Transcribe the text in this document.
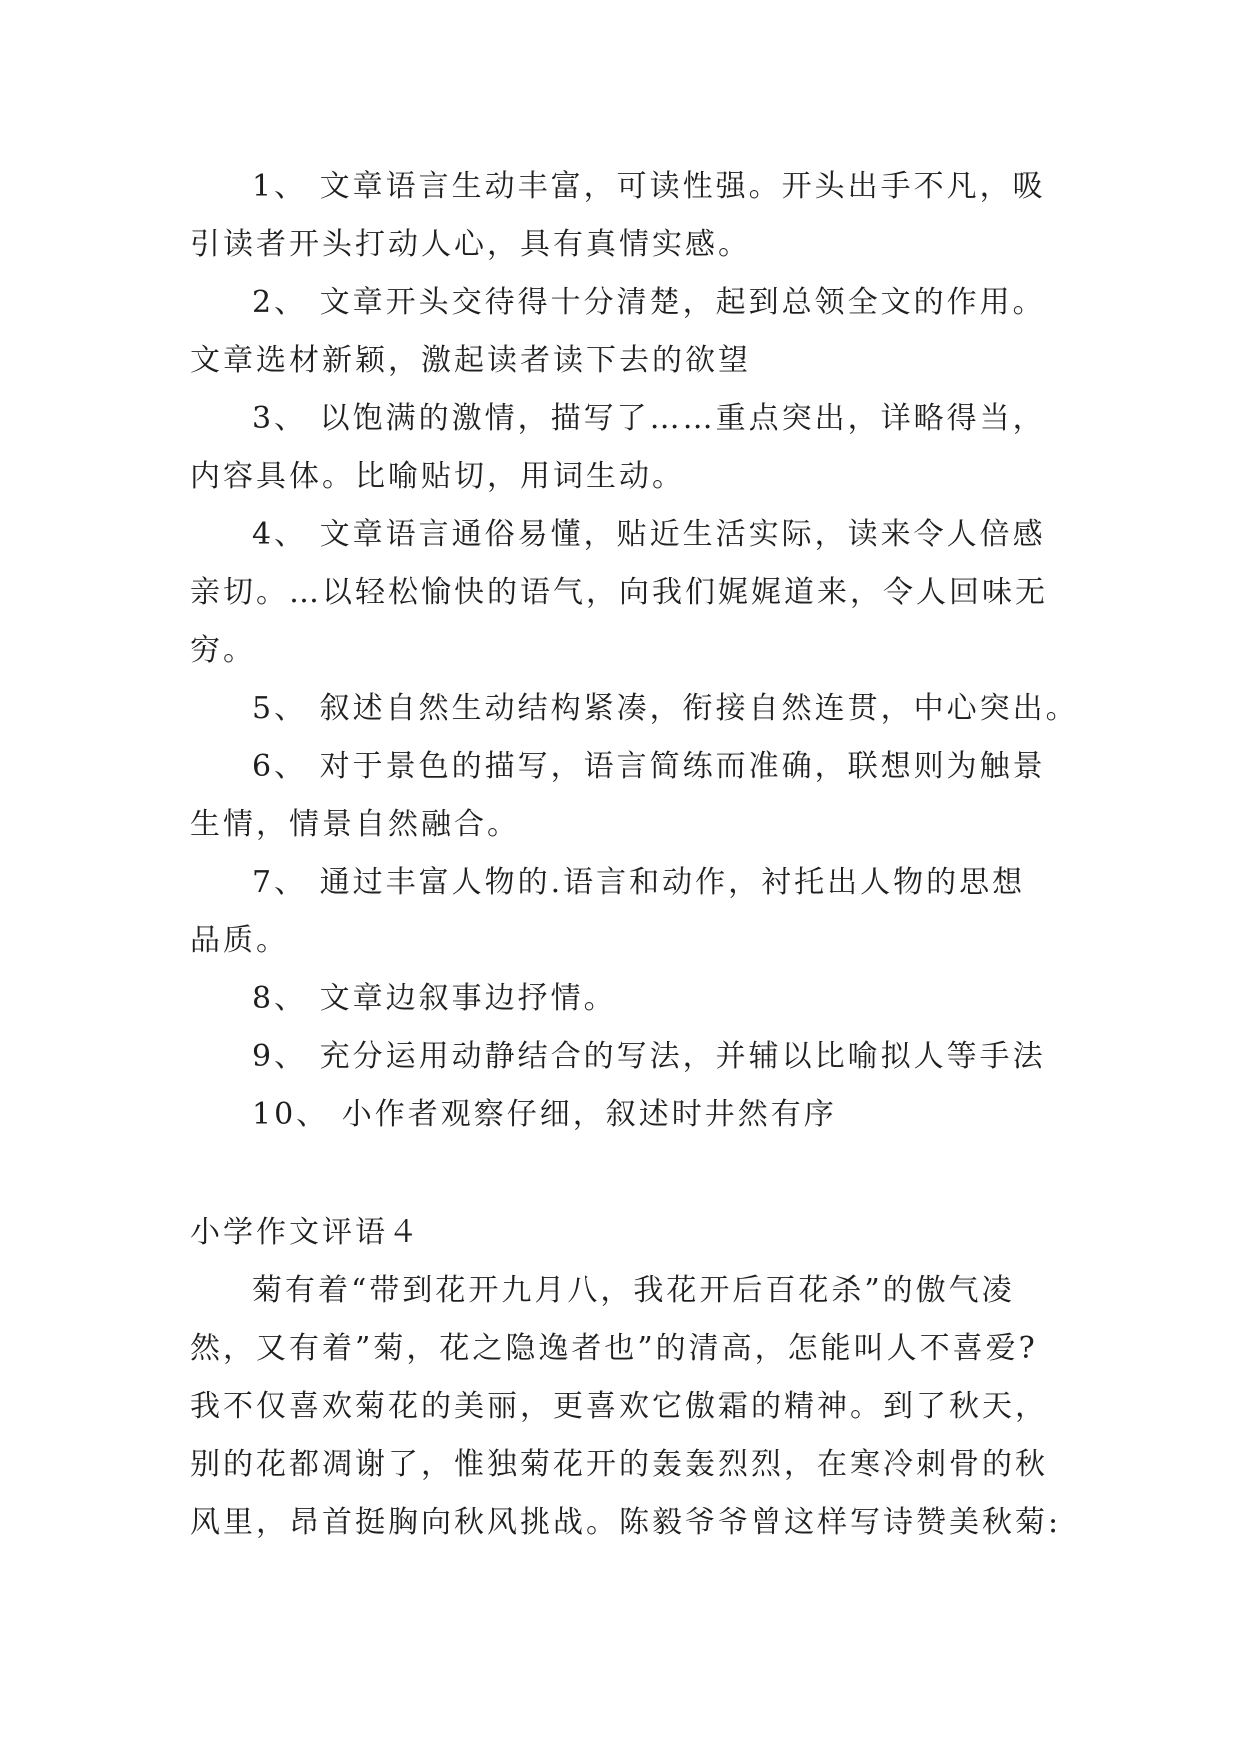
1、 文章语言生动丰富，可读性强。开头出手不凡，吸
引读者开头打动人心，具有真情实感。
2、 文章开头交待得十分清楚，起到总领全文的作用。
文章选材新颖，激起读者读下去的欲望
3、 以饱满的激情，描写了……重点突出，详略得当，
内容具体。比喻贴切，用词生动。
4、 文章语言通俗易懂，贴近生活实际，读来令人倍感
亲切。…以轻松愉快的语气，向我们娓娓道来，令人回味无
穷。
5、 叙述自然生动结构紧凑，衔接自然连贯，中心突出。
6、 对于景色的描写，语言简练而准确，联想则为触景
生情，情景自然融合。
7、 通过丰富人物的.语言和动作，衬托出人物的思想
品质。
8、 文章边叙事边抒情。
9、 充分运用动静结合的写法，并辅以比喻拟人等手法
10、 小作者观察仔细，叙述时井然有序
小学作文评语４
菊有着“带到花开九月八，我花开后百花杀”的傲气凌
然，又有着”菊，花之隐逸者也”的清高，怎能叫人不喜爱?
我不仅喜欢菊花的美丽，更喜欢它傲霜的精神。到了秋天，
别的花都凋谢了，惟独菊花开的轰轰烈烈，在寒冷刺骨的秋
风里，昂首挺胸向秋风挑战。陈毅爷爷曾这样写诗赞美秋菊:
